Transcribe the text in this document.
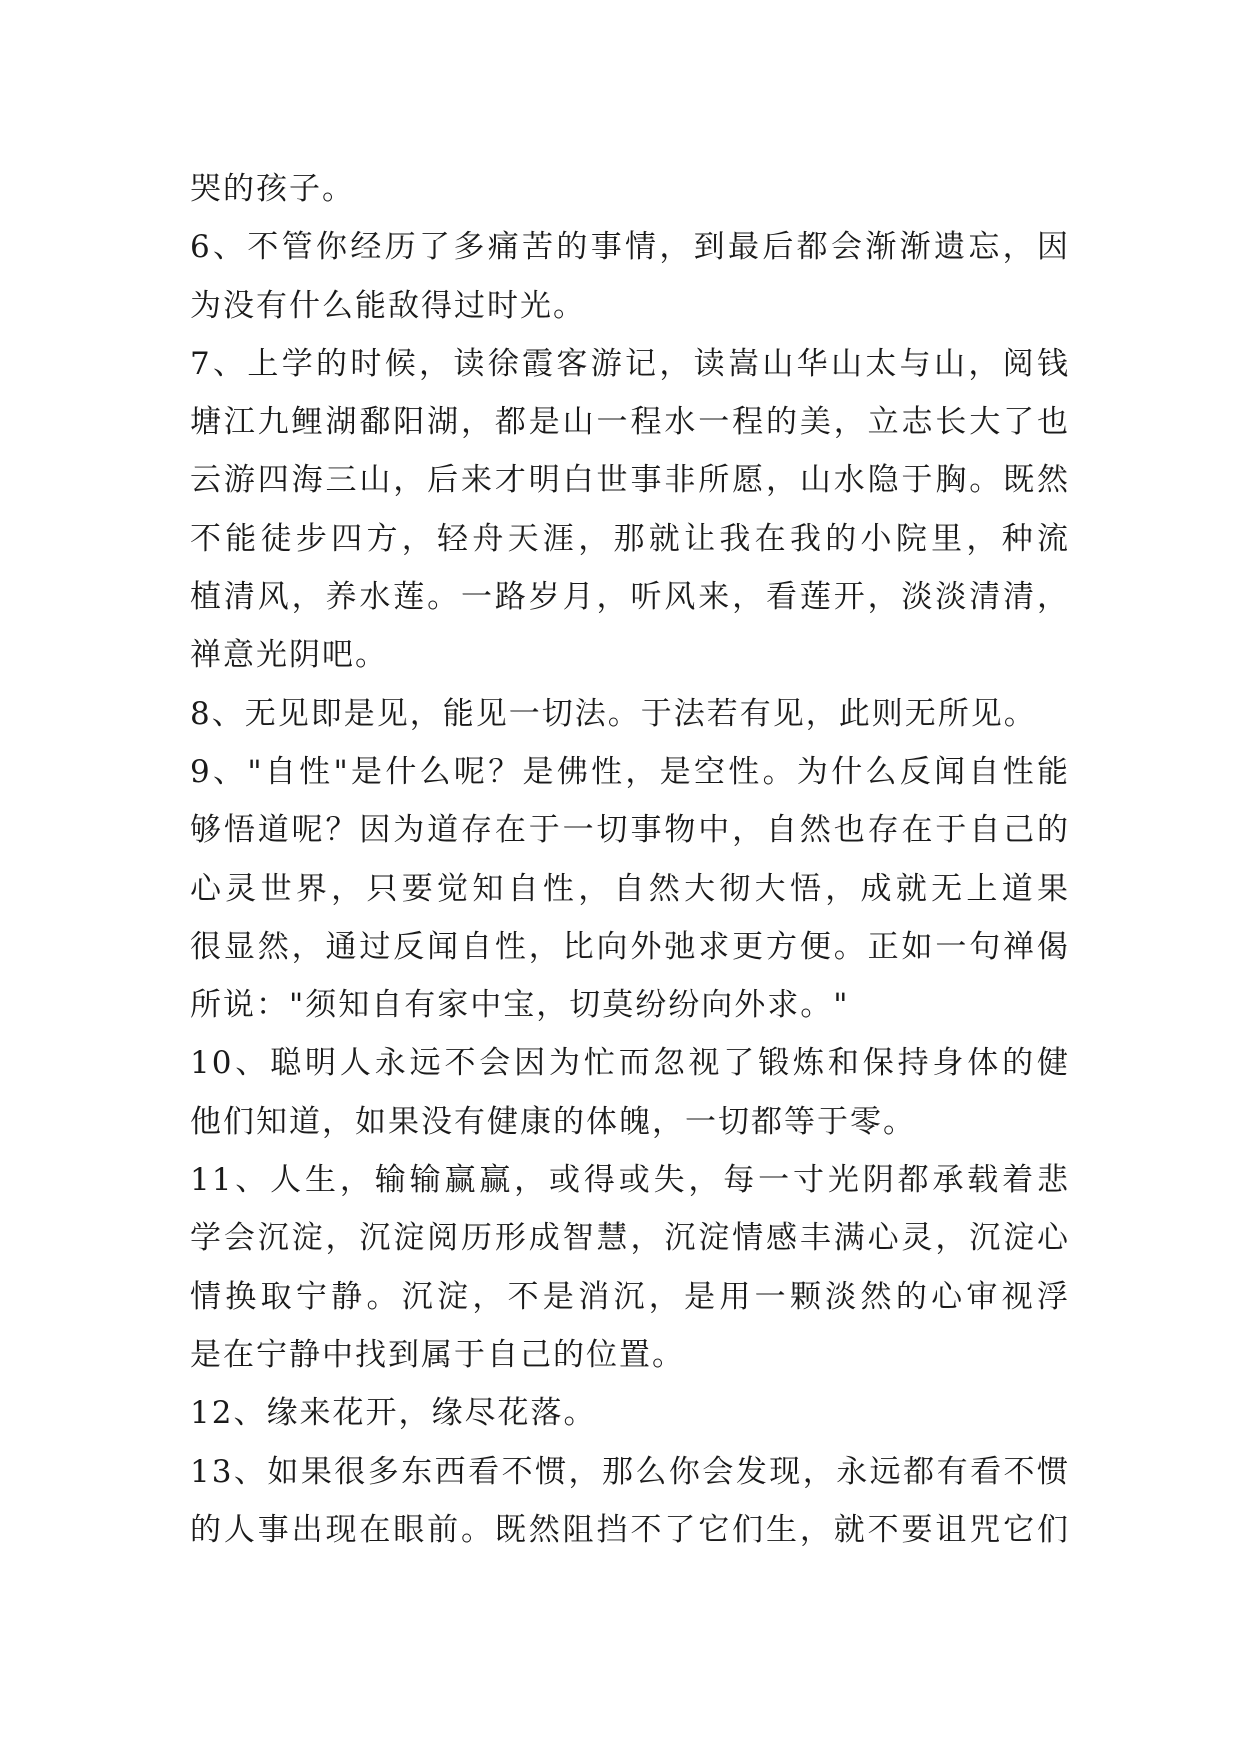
哭的孩子。
6、不管你经历了多痛苦的事情，到最后都会渐渐遗忘，因
为没有什么能敌得过时光。
7、上学的时候，读徐霞客游记，读嵩山华山太与山，阅钱
塘江九鲤湖鄱阳湖，都是山一程水一程的美，立志长大了也
云游四海三山，后来才明白世事非所愿，山水隐于胸。既然
不能徒步四方，轻舟天涯，那就让我在我的小院里，种流
植清风，养水莲。一路岁月，听风来，看莲开，淡淡清清，
禅意光阴吧。
8、无见即是见，能见一切法。于法若有见，此则无所见。
9、"自性"是什么呢？是佛性，是空性。为什么反闻自性能
够悟道呢？因为道存在于一切事物中，自然也存在于自己的
心灵世界，只要觉知自性，自然大彻大悟，成就无上道果
很显然，通过反闻自性，比向外弛求更方便。正如一句禅偈
所说："须知自有家中宝，切莫纷纷向外求。"
10、聪明人永远不会因为忙而忽视了锻炼和保持身体的健
他们知道，如果没有健康的体魄，一切都等于零。
11、人生，输输赢赢，或得或失，每一寸光阴都承载着悲
学会沉淀，沉淀阅历形成智慧，沉淀情感丰满心灵，沉淀心
情换取宁静。沉淀，不是消沉，是用一颗淡然的心审视浮
是在宁静中找到属于自己的位置。
12、缘来花开，缘尽花落。
13、如果很多东西看不惯，那么你会发现，永远都有看不惯
的人事出现在眼前。既然阻挡不了它们生，就不要诅咒它们
